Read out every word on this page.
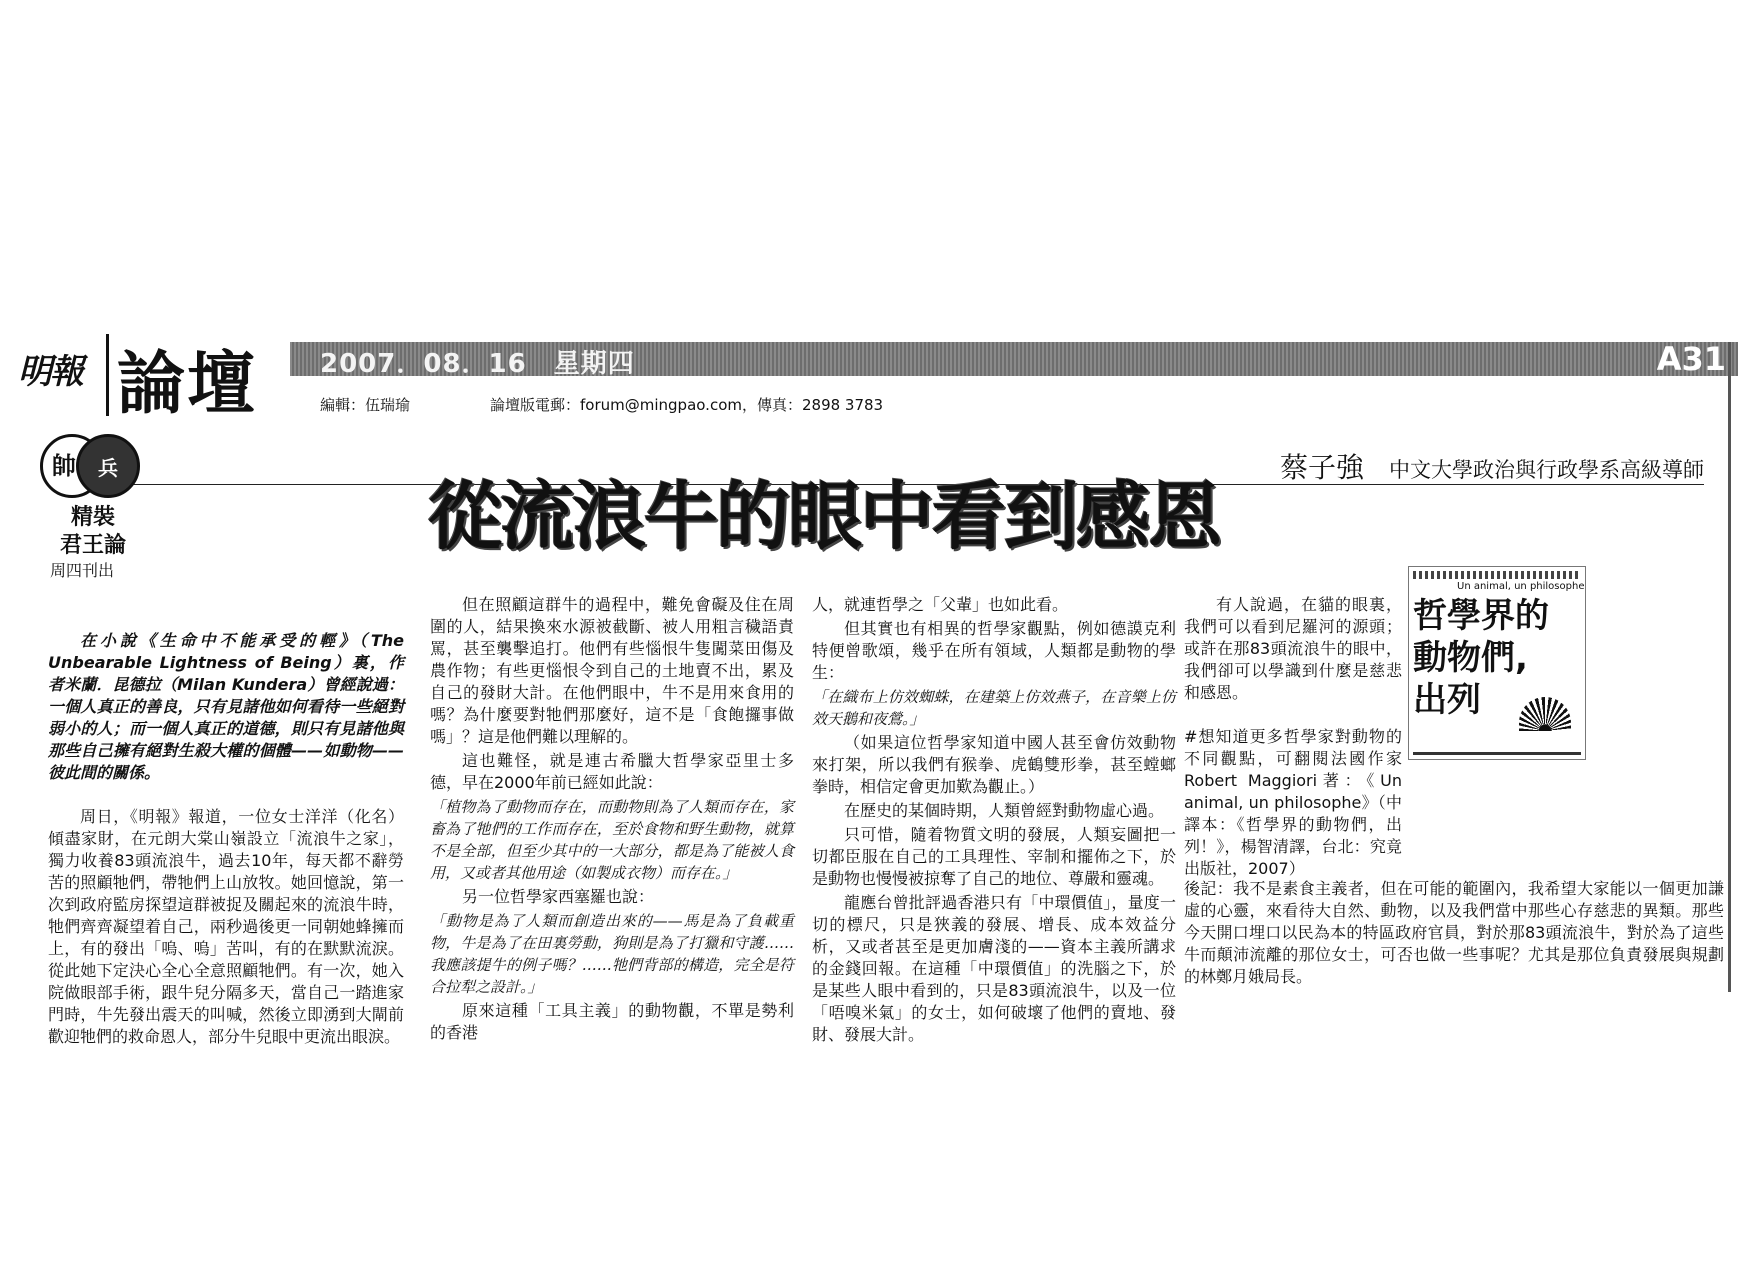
明報 論壇 2007．08．16　星期四	A31
編輯：伍瑞瑜	論壇版電郵：forum@mingpao.com，傳真：2898 3783
蔡子強 中文大學政治與行政學系高級導師
帥 兵
精裝
君王論
周四刊出
從流浪牛的眼中看到感恩

在小說《生命中不能承受的輕》（The Unbearable Lightness of Being）裏，作者米蘭．昆德拉（Milan Kundera）曾經說過：一個人真正的善良，只有見諸他如何看待一些絕對弱小的人；而一個人真正的道德，則只有見諸他與那些自己擁有絕對生殺大權的個體——如動物——彼此間的關係。

周日，《明報》報道，一位女士洋洋（化名）傾盡家財，在元朗大棠山嶺設立「流浪牛之家」，獨力收養83頭流浪牛，過去10年，每天都不辭勞苦的照顧牠們，帶牠們上山放牧。她回憶說，第一次到政府監房探望這群被捉及關起來的流浪牛時，牠們齊齊凝望着自己，兩秒過後更一同朝她蜂擁而上，有的發出「嗚、嗚」苦叫，有的在默默流淚。從此她下定決心全心全意照顧牠們。有一次，她入院做眼部手術，跟牛兒分隔多天，當自己一踏進家門時，牛先發出震天的叫喊，然後立即湧到大閘前歡迎牠們的救命恩人，部分牛兒眼中更流出眼淚。

但在照顧這群牛的過程中，難免會礙及住在周圍的人，結果換來水源被截斷、被人用粗言穢語責罵，甚至襲擊追打。他們有些惱恨牛隻闖菜田傷及農作物；有些更惱恨令到自己的土地賣不出，累及自己的發財大計。在他們眼中，牛不是用來食用的嗎？為什麼要對牠們那麼好，這不是「食飽攞事做嗎」？這是他們難以理解的。

這也難怪，就是連古希臘大哲學家亞里士多德，早在2000年前已經如此說：

「植物為了動物而存在，而動物則為了人類而存在，家畜為了牠們的工作而存在，至於食物和野生動物，就算不是全部，但至少其中的一大部分，都是為了能被人食用，又或者其他用途（如製成衣物）而存在。」

另一位哲學家西塞羅也說：

「動物是為了人類而創造出來的——馬是為了負載重物，牛是為了在田裏勞動，狗則是為了打獵和守護……我應該提牛的例子嗎？……牠們背部的構造，完全是符合拉犁之設計。」

原來這種「工具主義」的動物觀，不單是勢利的香港

人，就連哲學之「父輩」也如此看。

但其實也有相異的哲學家觀點，例如德謨克利特便曾歌頌，幾乎在所有領域，人類都是動物的學生：

「在織布上仿效蜘蛛，在建築上仿效燕子，在音樂上仿效天鵝和夜鶯。」

（如果這位哲學家知道中國人甚至會仿效動物來打架，所以我們有猴拳、虎鶴雙形拳，甚至螳螂拳時，相信定會更加歎為觀止。）

在歷史的某個時期，人類曾經對動物虛心過。

只可惜，隨着物質文明的發展，人類妄圖把一切都臣服在自己的工具理性、宰制和擺佈之下，於是動物也慢慢被掠奪了自己的地位、尊嚴和靈魂。

龍應台曾批評過香港只有「中環價值」，量度一切的標尺，只是狹義的發展、增長、成本效益分析，又或者甚至是更加膚淺的——資本主義所講求的金錢回報。在這種「中環價值」的洗腦之下，於是某些人眼中看到的，只是83頭流浪牛，以及一位「唔嗅米氣」的女士，如何破壞了他們的賣地、發財、發展大計。

有人說過，在貓的眼裏，我們可以看到尼羅河的源頭；或許在那83頭流浪牛的眼中，我們卻可以學識到什麼是慈悲和感恩。

#想知道更多哲學家對動物的不同觀點，可翻閱法國作家Robert Maggiori著：《Un animal, un philosophe》（中譯本：《哲學界的動物們，出列！》，楊智清譯，台北：究竟出版社，2007）

Un animal, un philosophe
哲學界的
動物們,
出列

後記：我不是素食主義者，但在可能的範圍內，我希望大家能以一個更加謙虛的心靈，來看待大自然、動物，以及我們當中那些心存慈悲的異類。那些今天開口埋口以民為本的特區政府官員，對於那83頭流浪牛，對於為了這些牛而顛沛流離的那位女士，可否也做一些事呢？尤其是那位負責發展與規劃的林鄭月娥局長。
